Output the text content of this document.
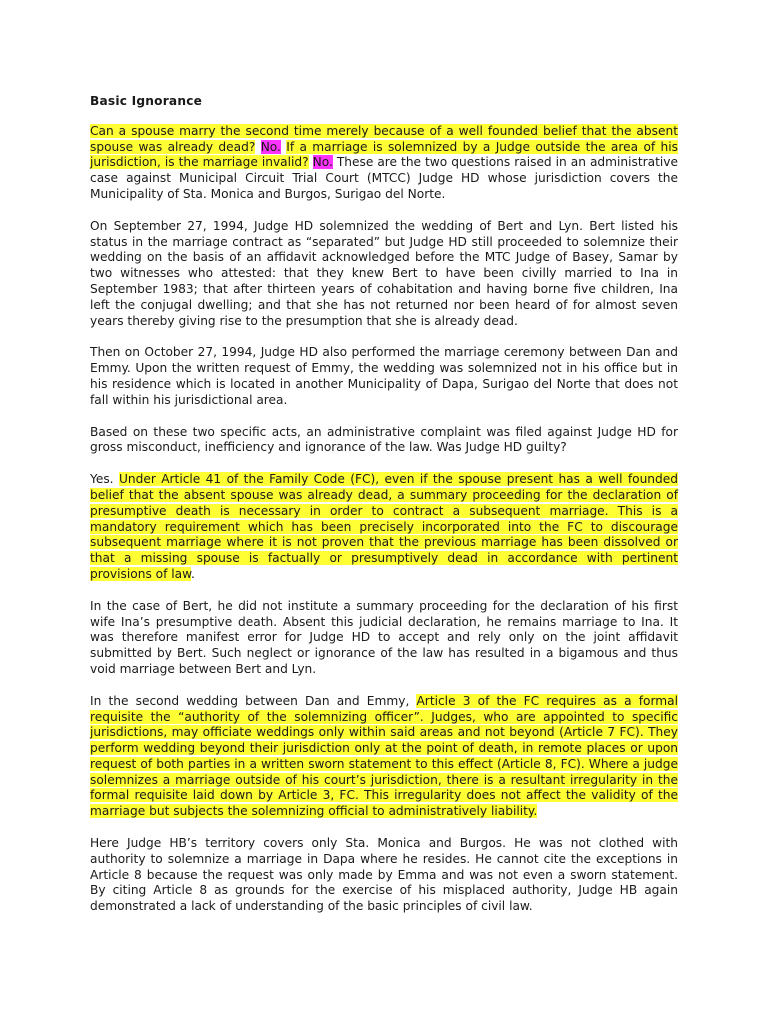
Basic Ignorance

Can a spouse marry the second time merely because of a well founded belief that the absent spouse was already dead? No. If a marriage is solemnized by a Judge outside the area of his jurisdiction, is the marriage invalid? No. These are the two questions raised in an administrative case against Municipal Circuit Trial Court (MTCC) Judge HD whose jurisdiction covers the Municipality of Sta. Monica and Burgos, Surigao del Norte.

On September 27, 1994, Judge HD solemnized the wedding of Bert and Lyn. Bert listed his status in the marriage contract as “separated” but Judge HD still proceeded to solemnize their wedding on the basis of an affidavit acknowledged before the MTC Judge of Basey, Samar by two witnesses who attested: that they knew Bert to have been civilly married to Ina in September 1983; that after thirteen years of cohabitation and having borne five children, Ina left the conjugal dwelling; and that she has not returned nor been heard of for almost seven years thereby giving rise to the presumption that she is already dead.

Then on October 27, 1994, Judge HD also performed the marriage ceremony between Dan and Emmy. Upon the written request of Emmy, the wedding was solemnized not in his office but in his residence which is located in another Municipality of Dapa, Surigao del Norte that does not fall within his jurisdictional area.

Based on these two specific acts, an administrative complaint was filed against Judge HD for gross misconduct, inefficiency and ignorance of the law. Was Judge HD guilty?

Yes. Under Article 41 of the Family Code (FC), even if the spouse present has a well founded belief that the absent spouse was already dead, a summary proceeding for the declaration of presumptive death is necessary in order to contract a subsequent marriage. This is a mandatory requirement which has been precisely incorporated into the FC to discourage subsequent marriage where it is not proven that the previous marriage has been dissolved or that a missing spouse is factually or presumptively dead in accordance with pertinent provisions of law.

In the case of Bert, he did not institute a summary proceeding for the declaration of his first wife Ina’s presumptive death. Absent this judicial declaration, he remains marriage to Ina. It was therefore manifest error for Judge HD to accept and rely only on the joint affidavit submitted by Bert. Such neglect or ignorance of the law has resulted in a bigamous and thus void marriage between Bert and Lyn.

In the second wedding between Dan and Emmy, Article 3 of the FC requires as a formal requisite the “authority of the solemnizing officer”. Judges, who are appointed to specific jurisdictions, may officiate weddings only within said areas and not beyond (Article 7 FC). They perform wedding beyond their jurisdiction only at the point of death, in remote places or upon request of both parties in a written sworn statement to this effect (Article 8, FC). Where a judge solemnizes a marriage outside of his court’s jurisdiction, there is a resultant irregularity in the formal requisite laid down by Article 3, FC. This irregularity does not affect the validity of the marriage but subjects the solemnizing official to administratively liability.

Here Judge HB’s territory covers only Sta. Monica and Burgos. He was not clothed with authority to solemnize a marriage in Dapa where he resides. He cannot cite the exceptions in Article 8 because the request was only made by Emma and was not even a sworn statement. By citing Article 8 as grounds for the exercise of his misplaced authority, Judge HB again demonstrated a lack of understanding of the basic principles of civil law.
